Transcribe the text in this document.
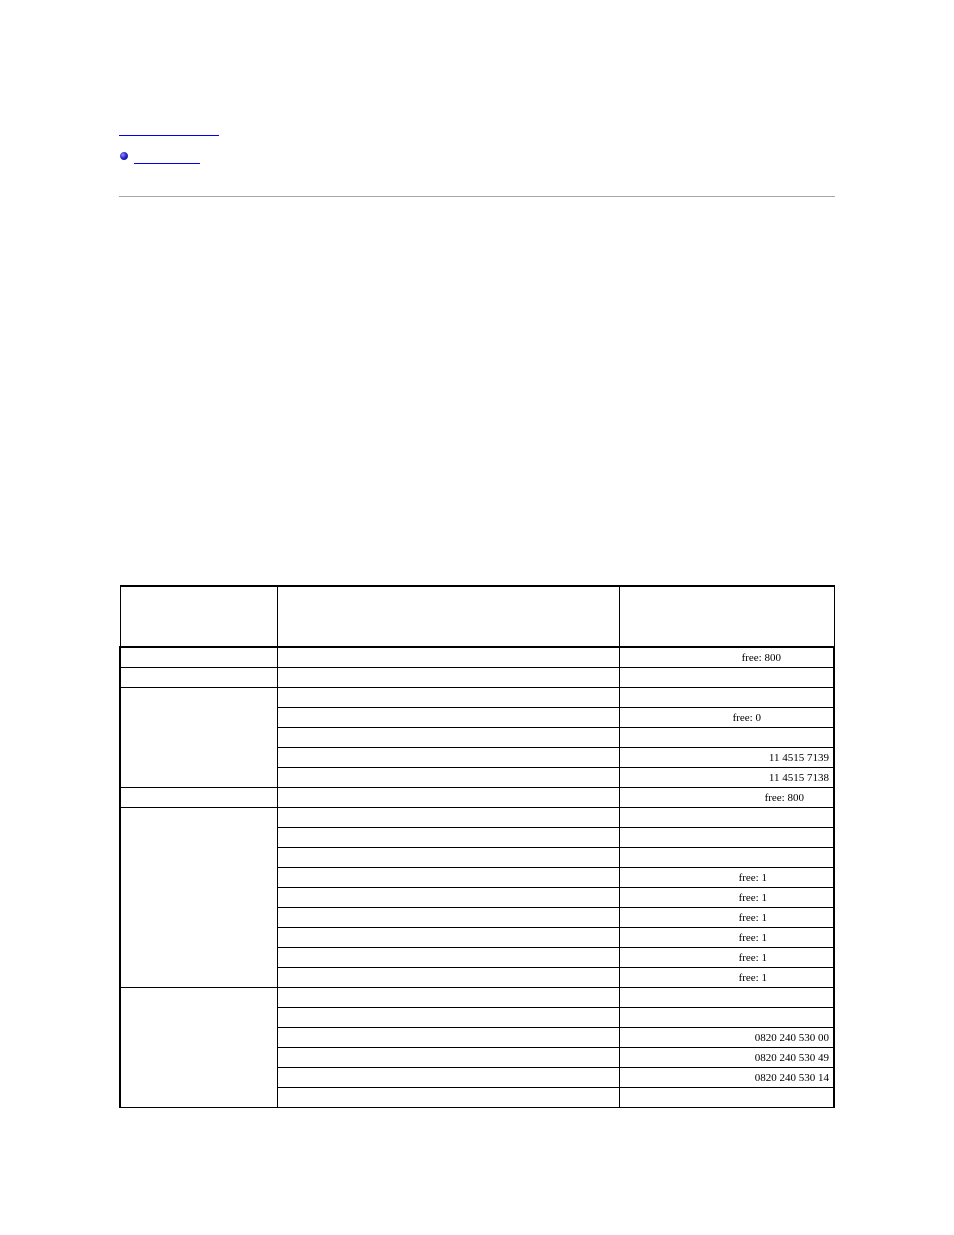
		free: 800

		free: 0

		11 4515 7139
		11 4515 7138
		free: 800

		free: 1
		free: 1
		free: 1
		free: 1
		free: 1
		free: 1

		0820 240 530 00
		0820 240 530 49
		0820 240 530 14
